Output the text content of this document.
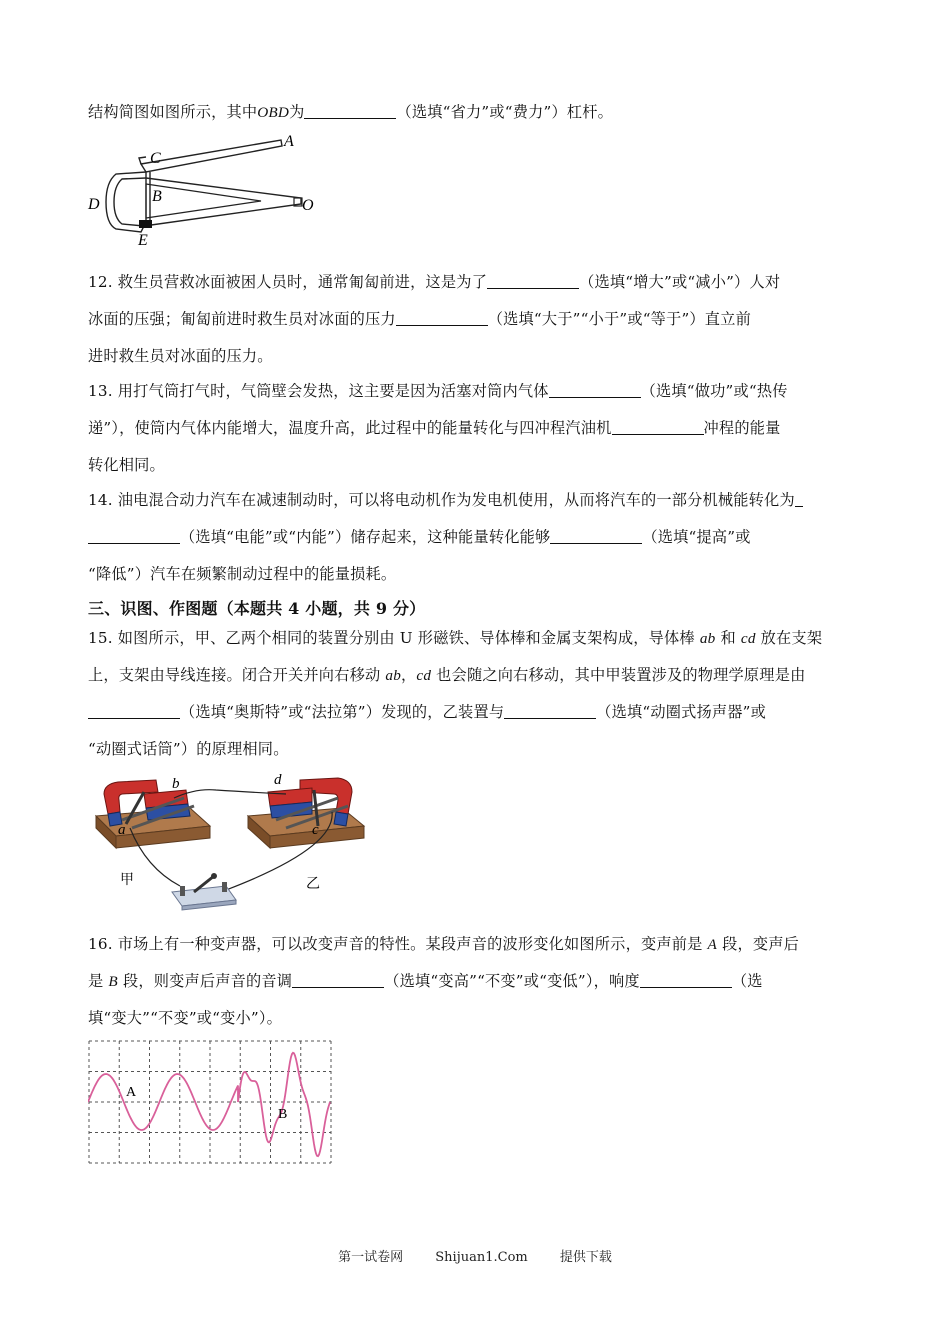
结构简图如图所示，其中OBD为	（选填“省力”或“费力”）杠杆。
A
C
B
D
E
O
12. 救生员营救冰面被困人员时，通常匍匐前进，这是为了	（选填“增大”或“减小”）人对
冰面的压强；匍匐前进时救生员对冰面的压力	（选填“大于”“小于”或“等于”）直立前
进时救生员对冰面的压力。
13. 用打气筒打气时，气筒壁会发热，这主要是因为活塞对筒内气体	（选填“做功”或“热传
递”），使筒内气体内能增大，温度升高，此过程中的能量转化与四冲程汽油机	冲程的能量
转化相同。
14. 油电混合动力汽车在减速制动时，可以将电动机作为发电机使用，从而将汽车的一部分机械能转化为
（选填“电能”或“内能”）储存起来，这种能量转化能够	（选填“提高”或
“降低”）汽车在频繁制动过程中的能量损耗。
三、识图、作图题（本题共 4 小题，共 9 分）
15. 如图所示，甲、乙两个相同的装置分别由 U 形磁铁、导体棒和金属支架构成，导体棒 ab 和 cd 放在支架
上，支架由导线连接。闭合开关并向右移动 ab，cd 也会随之向右移动，其中甲装置涉及的物理学原理是由
（选填“奥斯特”或“法拉第”）发现的，乙装置与	（选填“动圈式扬声器”或
“动圈式话筒”）的原理相同。
b
a
d
c
甲	乙
16. 市场上有一种变声器，可以改变声音的特性。某段声音的波形变化如图所示，变声前是 A 段，变声后
是 B 段，则变声后声音的音调	（选填“变高”“不变”或“变低”），响度	（选
填“变大”“不变”或“变小”）。
A
B
第一试卷网 Shijuan1.Com 提供下载
